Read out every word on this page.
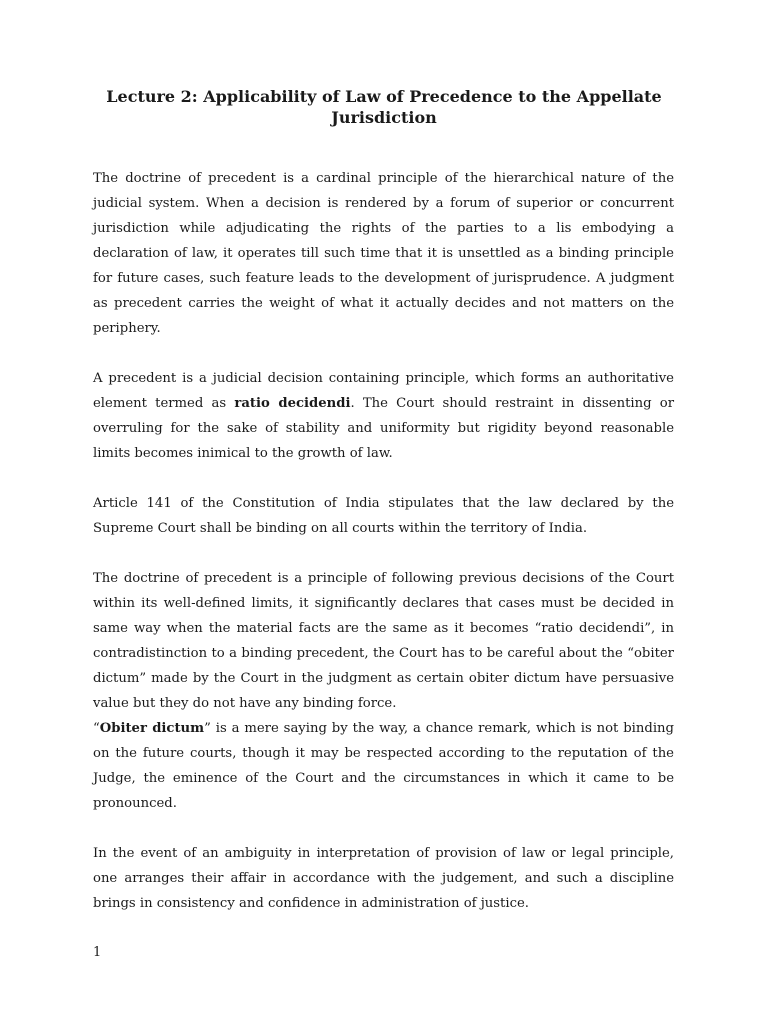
Lecture 2: Applicability of Law of Precedence to the Appellate Jurisdiction

The doctrine of precedent is a cardinal principle of the hierarchical nature of the judicial system. When a decision is rendered by a forum of superior or concurrent jurisdiction while adjudicating the rights of the parties to a lis embodying a declaration of law, it operates till such time that it is unsettled as a binding principle for future cases, such feature leads to the development of jurisprudence. A judgment as precedent carries the weight of what it actually decides and not matters on the periphery.

A precedent is a judicial decision containing principle, which forms an authoritative element termed as ratio decidendi. The Court should restraint in dissenting or overruling for the sake of stability and uniformity but rigidity beyond reasonable limits becomes inimical to the growth of law.

Article 141 of the Constitution of India stipulates that the law declared by the Supreme Court shall be binding on all courts within the territory of India.

The doctrine of precedent is a principle of following previous decisions of the Court within its well-defined limits, it significantly declares that cases must be decided in same way when the material facts are the same as it becomes “ratio decidendi”, in contradistinction to a binding precedent, the Court has to be careful about the “obiter dictum” made by the Court in the judgment as certain obiter dictum have persuasive value but they do not have any binding force.

“Obiter dictum” is a mere saying by the way, a chance remark, which is not binding on the future courts, though it may be respected according to the reputation of the Judge, the eminence of the Court and the circumstances in which it came to be pronounced.

In the event of an ambiguity in interpretation of provision of law or legal principle, one arranges their affair in accordance with the judgement, and such a discipline brings in consistency and confidence in administration of justice.

1
